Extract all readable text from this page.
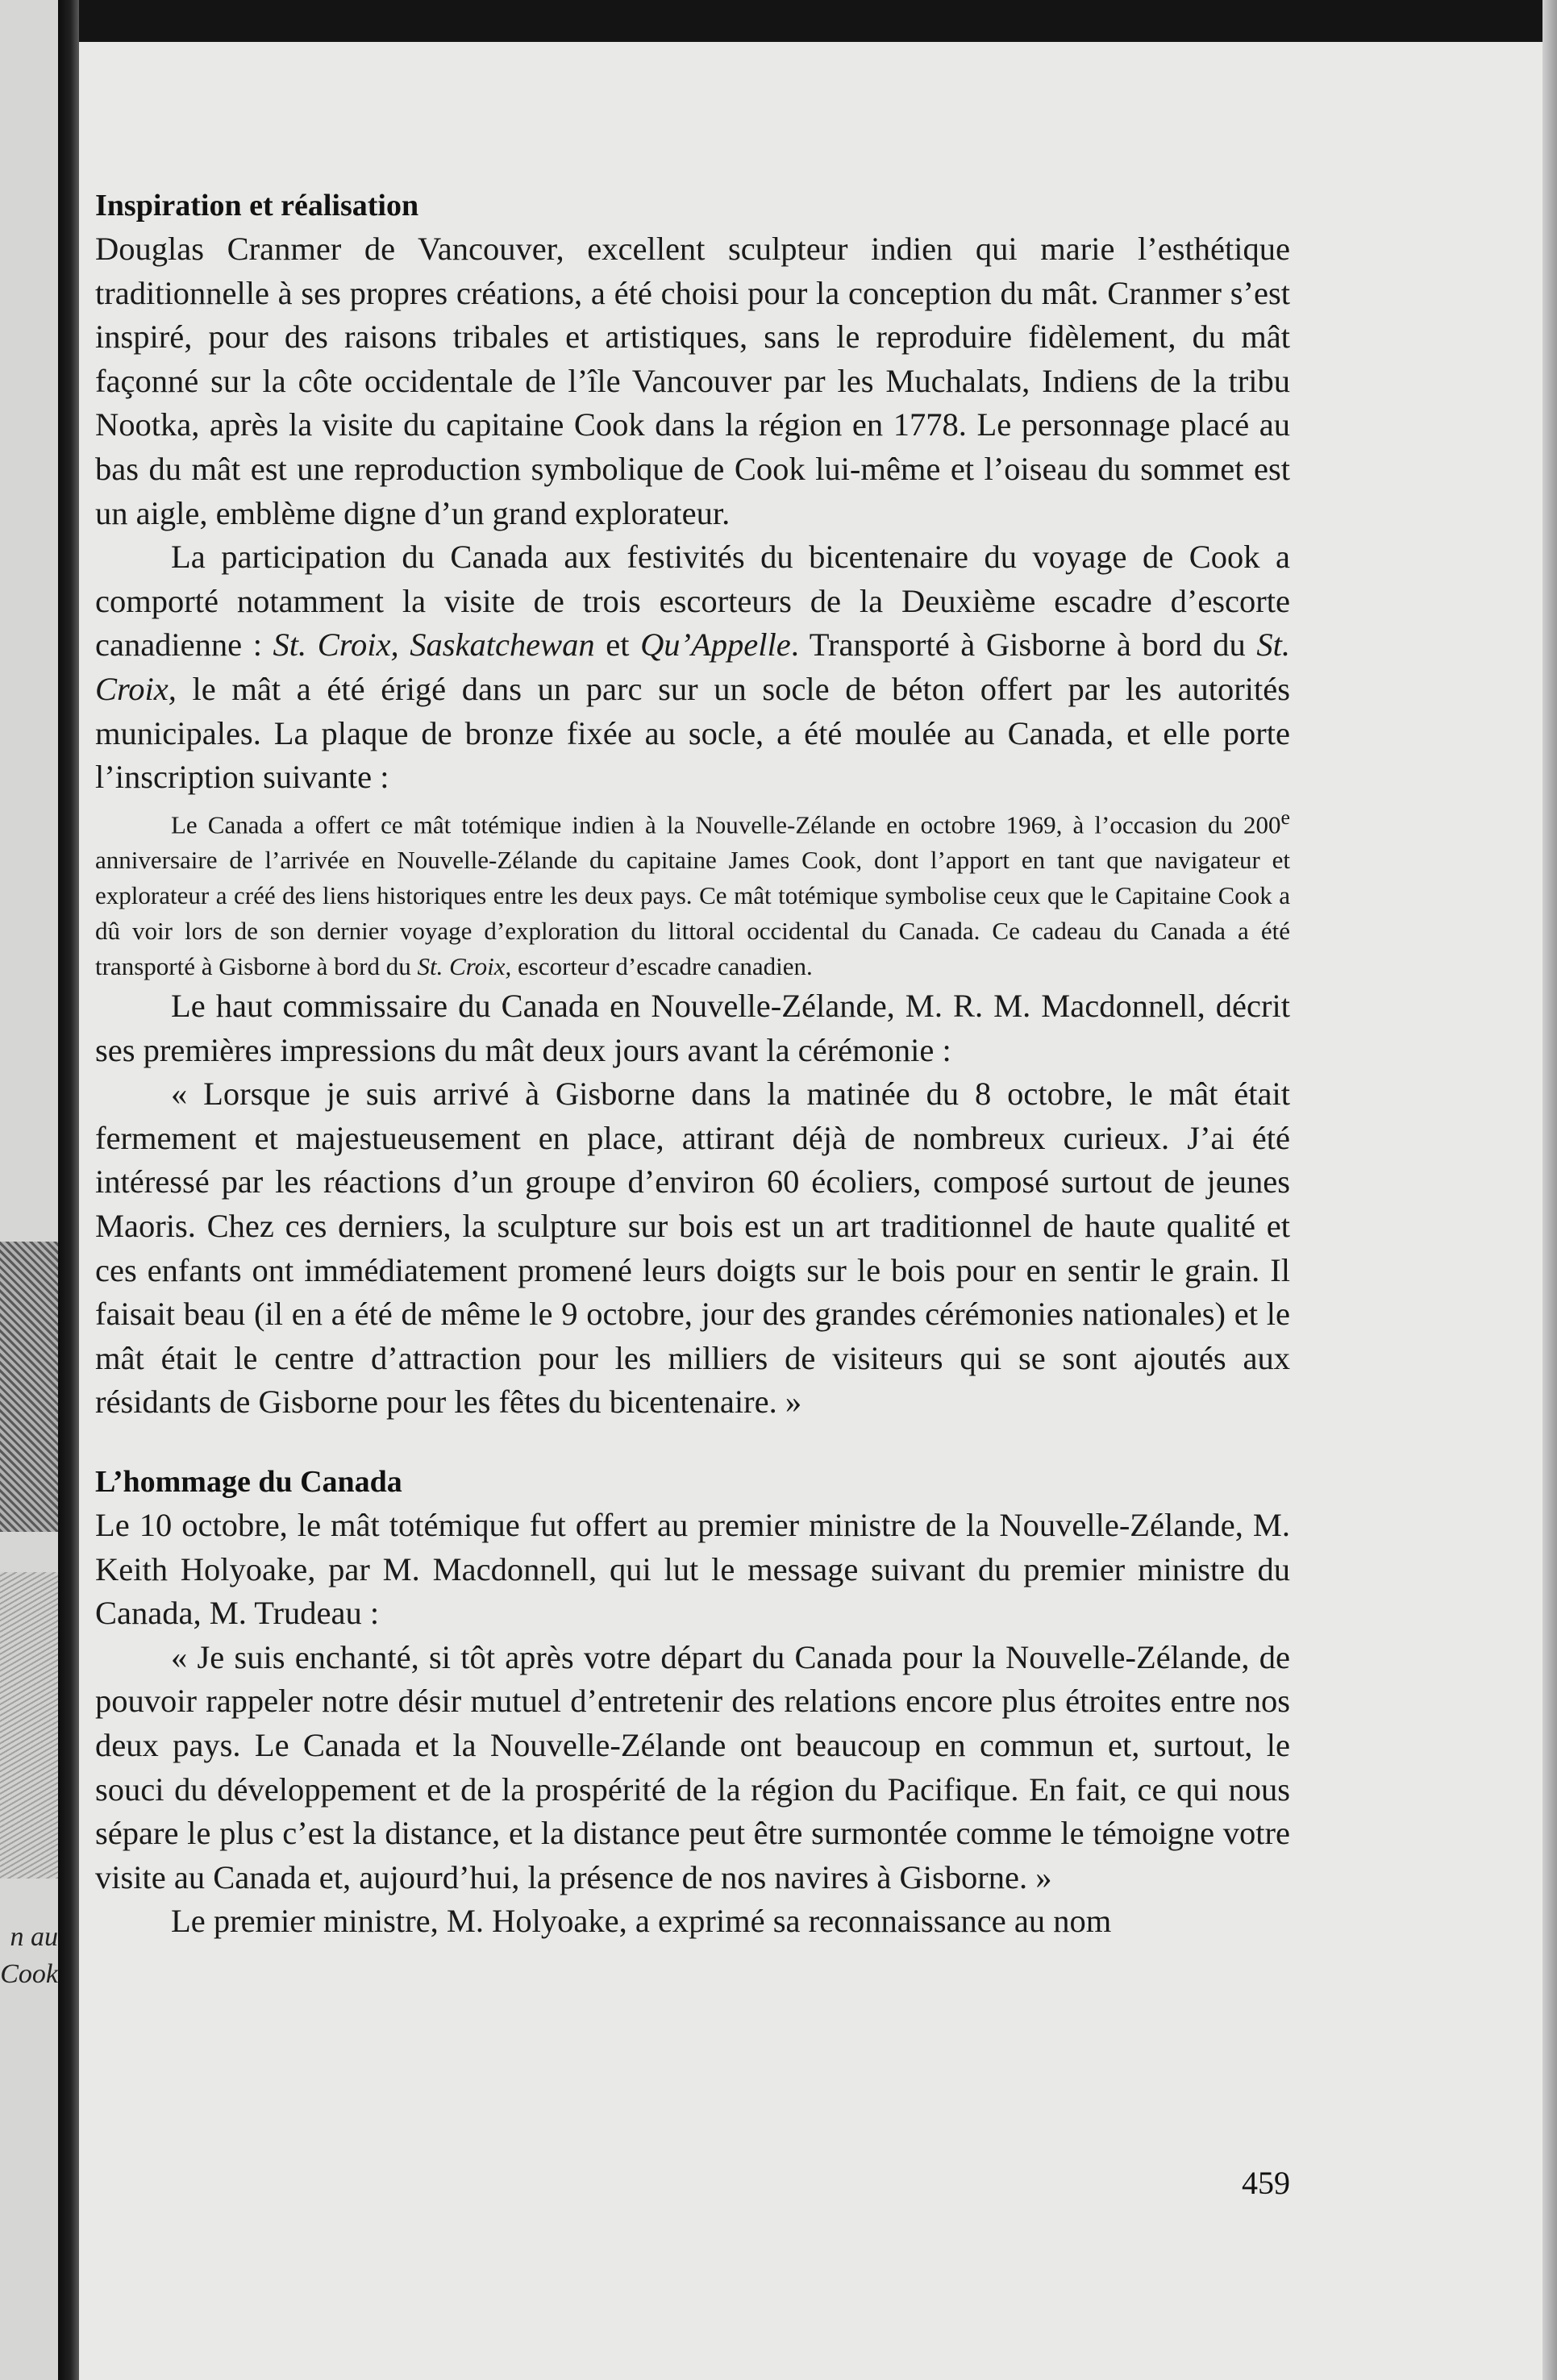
n au
Cook
Inspiration et réalisation

Douglas Cranmer de Vancouver, excellent sculpteur indien qui marie l’esthétique traditionnelle à ses propres créations, a été choisi pour la conception du mât. Cranmer s’est inspiré, pour des raisons tribales et artistiques, sans le reproduire fidèlement, du mât façonné sur la côte occidentale de l’île Vancouver par les Muchalats, Indiens de la tribu Nootka, après la visite du capitaine Cook dans la région en 1778. Le personnage placé au bas du mât est une reproduction symbolique de Cook lui-même et l’oiseau du sommet est un aigle, emblème digne d’un grand explorateur.

La participation du Canada aux festivités du bicentenaire du voyage de Cook a comporté notamment la visite de trois escorteurs de la Deuxième escadre d’escorte canadienne : St. Croix, Saskatchewan et Qu’Appelle. Transporté à Gisborne à bord du St. Croix, le mât a été érigé dans un parc sur un socle de béton offert par les autorités municipales. La plaque de bronze fixée au socle, a été moulée au Canada, et elle porte l’inscription suivante :

Le Canada a offert ce mât totémique indien à la Nouvelle-Zélande en octobre 1969, à l’occasion du 200e anniversaire de l’arrivée en Nouvelle-Zélande du capitaine James Cook, dont l’apport en tant que navigateur et explorateur a créé des liens historiques entre les deux pays. Ce mât totémique symbolise ceux que le Capitaine Cook a dû voir lors de son dernier voyage d’exploration du littoral occidental du Canada. Ce cadeau du Canada a été transporté à Gisborne à bord du St. Croix, escorteur d’escadre canadien.

Le haut commissaire du Canada en Nouvelle-Zélande, M. R. M. Macdonnell, décrit ses premières impressions du mât deux jours avant la cérémonie :

« Lorsque je suis arrivé à Gisborne dans la matinée du 8 octobre, le mât était fermement et majestueusement en place, attirant déjà de nombreux curieux. J’ai été intéressé par les réactions d’un groupe d’environ 60 écoliers, composé surtout de jeunes Maoris. Chez ces derniers, la sculpture sur bois est un art traditionnel de haute qualité et ces enfants ont immédiatement promené leurs doigts sur le bois pour en sentir le grain. Il faisait beau (il en a été de même le 9 octobre, jour des grandes cérémonies nationales) et le mât était le centre d’attraction pour les milliers de visiteurs qui se sont ajoutés aux résidants de Gisborne pour les fêtes du bicentenaire. »

L’hommage du Canada

Le 10 octobre, le mât totémique fut offert au premier ministre de la Nouvelle-Zélande, M. Keith Holyoake, par M. Macdonnell, qui lut le message suivant du premier ministre du Canada, M. Trudeau :

« Je suis enchanté, si tôt après votre départ du Canada pour la Nouvelle-Zélande, de pouvoir rappeler notre désir mutuel d’entretenir des relations encore plus étroites entre nos deux pays. Le Canada et la Nouvelle-Zélande ont beaucoup en commun et, surtout, le souci du développement et de la prospérité de la région du Pacifique. En fait, ce qui nous sépare le plus c’est la distance, et la distance peut être surmontée comme le témoigne votre visite au Canada et, aujourd’hui, la présence de nos navires à Gisborne. »

Le premier ministre, M. Holyoake, a exprimé sa reconnaissance au nom

459
